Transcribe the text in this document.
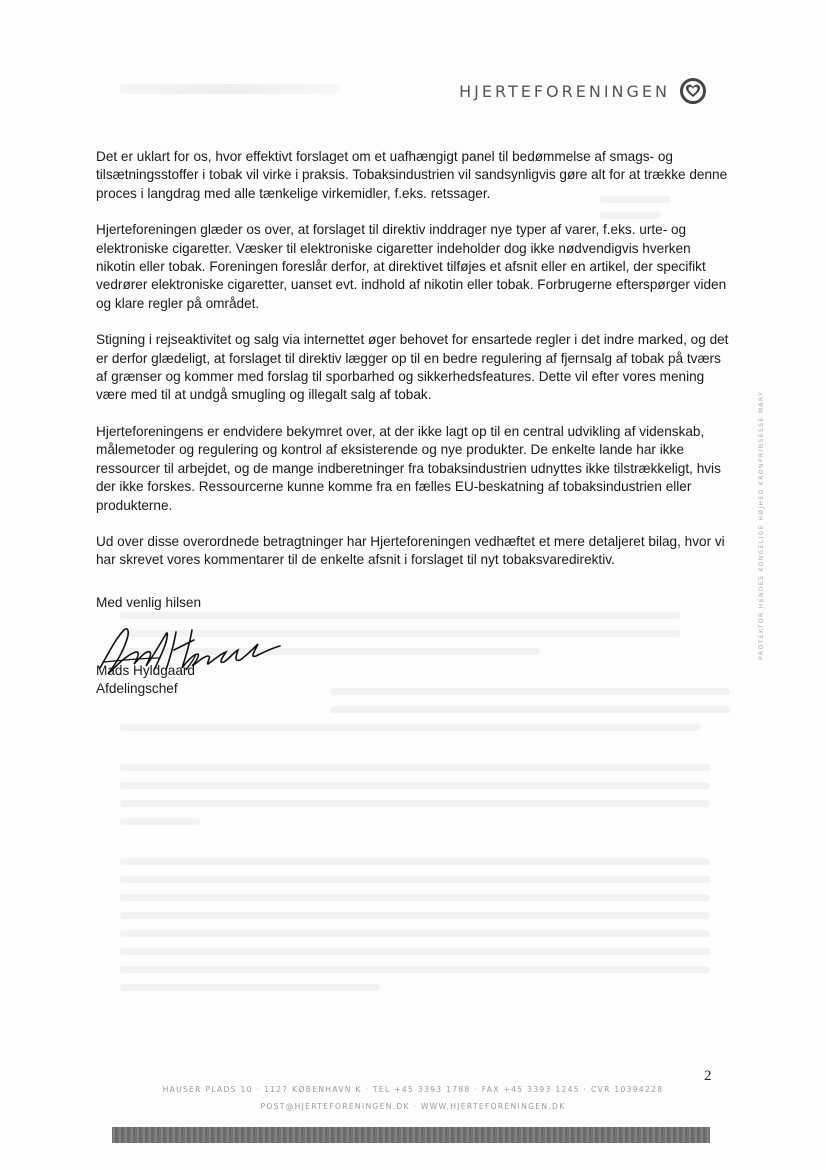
HJERTEFORENINGEN

Det er uklart for os, hvor effektivt forslaget om et uafhængigt panel til bedømmelse af smags- og tilsætningsstoffer i tobak vil virke i praksis. Tobaksindustrien vil sandsynligvis gøre alt for at trække denne proces i langdrag med alle tænkelige virkemidler, f.eks. retssager.

Hjerteforeningen glæder os over, at forslaget til direktiv inddrager nye typer af varer, f.eks. urte- og elektroniske cigaretter. Væsker til elektroniske cigaretter indeholder dog ikke nødvendigvis hverken nikotin eller tobak. Foreningen foreslår derfor, at direktivet tilføjes et afsnit eller en artikel, der specifikt vedrører elektroniske cigaretter, uanset evt. indhold af nikotin eller tobak. Forbrugerne efterspørger viden og klare regler på området.

Stigning i rejseaktivitet og salg via internettet øger behovet for ensartede regler i det indre marked, og det er derfor glædeligt, at forslaget til direktiv lægger op til en bedre regulering af fjernsalg af tobak på tværs af grænser og kommer med forslag til sporbarhed og sikkerhedsfeatures. Dette vil efter vores mening være med til at undgå smugling og illegalt salg af tobak.

Hjerteforeningens er endvidere bekymret over, at der ikke lagt op til en central udvikling af videnskab, målemetoder og regulering og kontrol af eksisterende og nye produkter. De enkelte lande har ikke ressourcer til arbejdet, og de mange indberetninger fra tobaksindustrien udnyttes ikke tilstrækkeligt, hvis der ikke forskes. Ressourcerne kunne komme fra en fælles EU-beskatning af tobaksindustrien eller produkterne.

Ud over disse overordnede betragtninger har Hjerteforeningen vedhæftet et mere detaljeret bilag, hvor vi har skrevet vores kommentarer til de enkelte afsnit i forslaget til nyt tobaksvaredirektiv.

Med venlig hilsen
Mads Hyldgaard
Afdelingschef
PROTEKTOR HENDES KONGELIGE HØJHED KRONPRINSESSE MARY
2
HAUSER PLADS 10 · 1127 KØBENHAVN K · TEL +45 3393 1788 · FAX +45 3393 1245 · CVR 10394228
POST@HJERTEFORENINGEN.DK · WWW.HJERTEFORENINGEN.DK
